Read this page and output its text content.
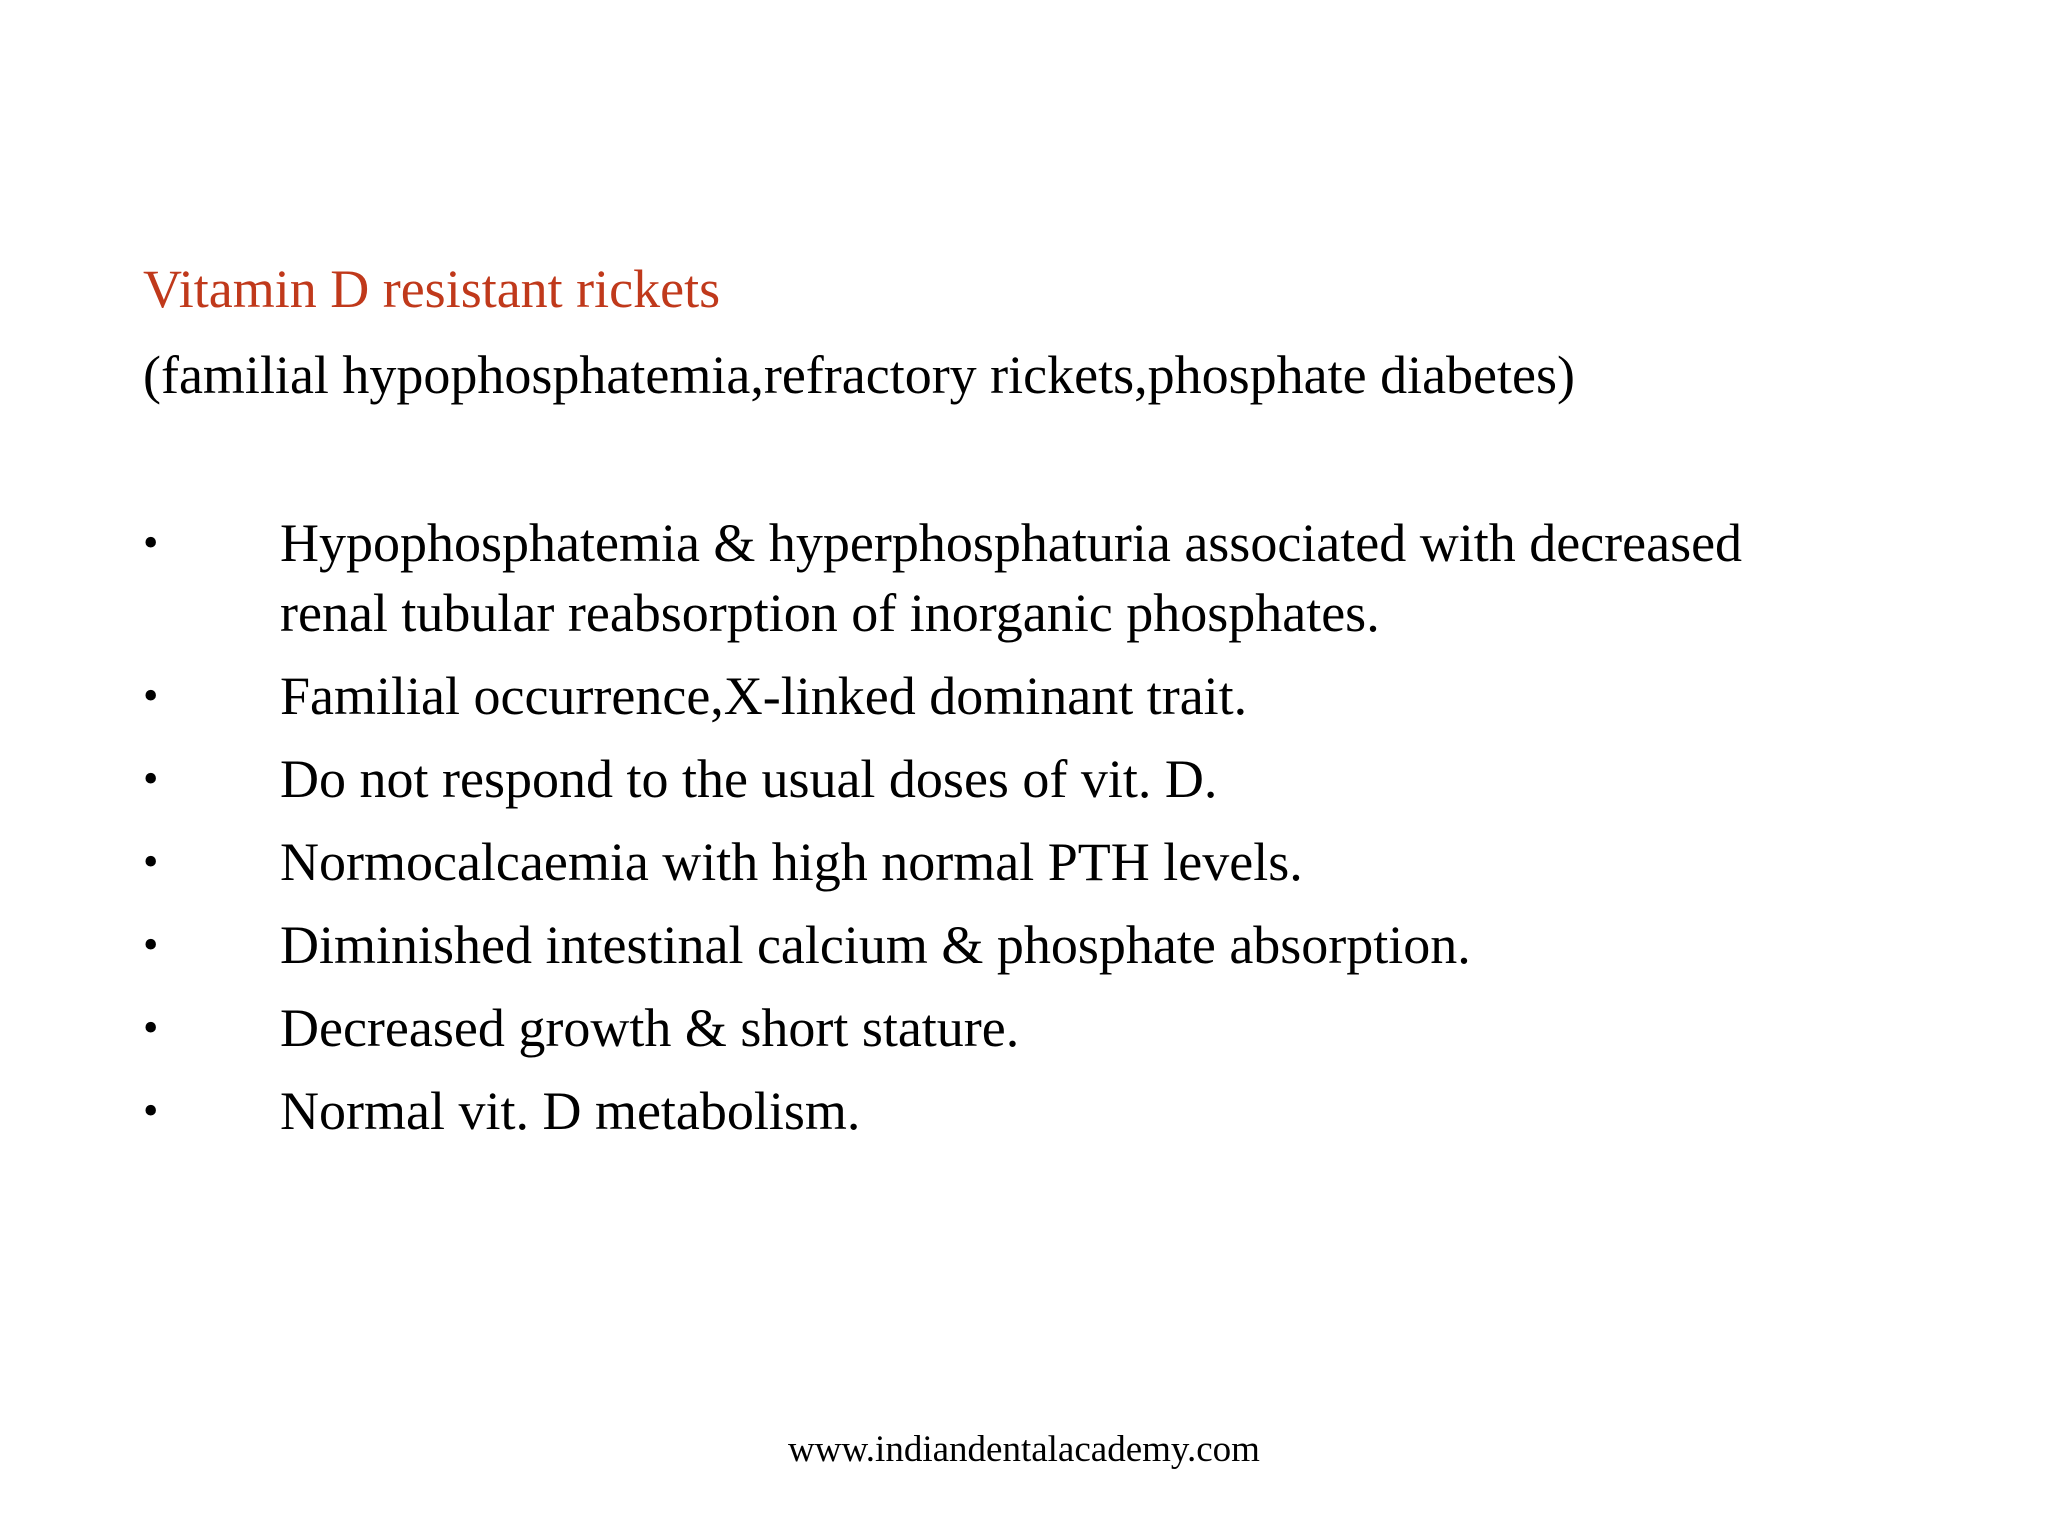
Vitamin D resistant rickets
(familial hypophosphatemia,refractory rickets,phosphate diabetes)
•	Hypophosphatemia & hyperphosphaturia associated with decreased
renal tubular reabsorption of inorganic phosphates.
•	Familial occurrence,X-linked dominant trait.
•	Do not respond to the usual doses of vit. D.
•	Normocalcaemia with high normal PTH levels.
•	Diminished intestinal calcium & phosphate absorption.
•	Decreased growth & short stature.
•	Normal vit. D metabolism.
www.indiandentalacademy.com
